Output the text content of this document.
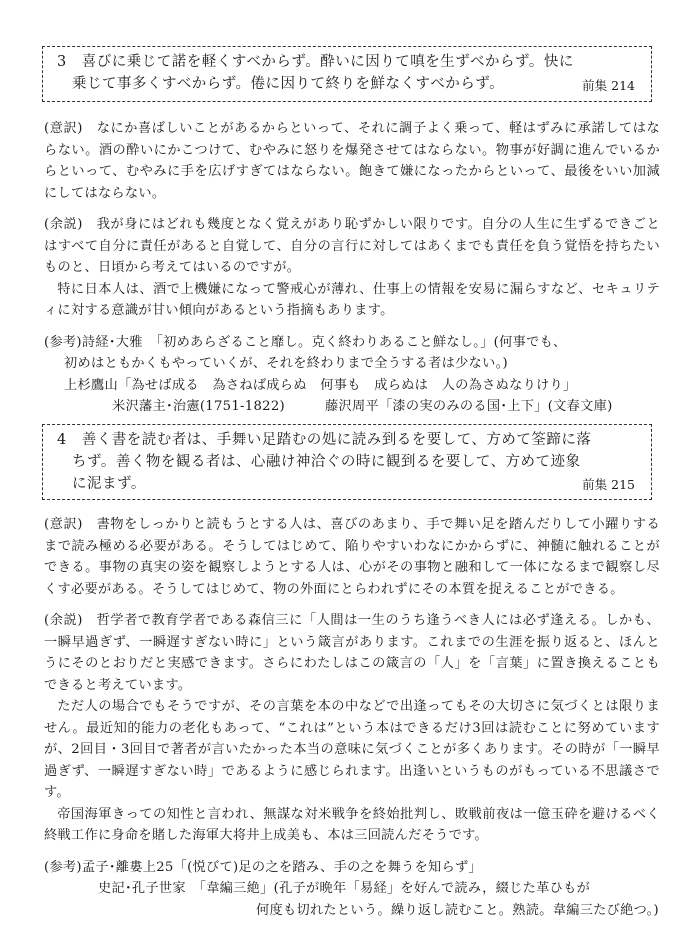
3　喜びに乗じて諾を軽くすべからず。酔いに因りて嗔を生ずべからず。快に
　乗じて事多くすべからず。倦に因りて終りを鮮なくすべからず。	前集 214

(意訳)　なにか喜ばしいことがあるからといって、それに調子よく乗って、軽はずみに承諾してはならない。酒の酔いにかこつけて、むやみに怒りを爆発させてはならない。物事が好調に進んでいるからといって、むやみに手を広げすぎてはならない。飽きて嫌になったからといって、最後をいい加減にしてはならない。

(余説)　我が身にはどれも幾度となく覚えがあり恥ずかしい限りです。自分の人生に生ずるできごとはすべて自分に責任があると自覚して、自分の言行に対してはあくまでも責任を負う覚悟を持ちたいものと、日頃から考えてはいるのですが。

特に日本人は、酒で上機嫌になって警戒心が薄れ、仕事上の情報を安易に漏らすなど、セキュリティに対する意識が甘い傾向があるという指摘もあります。

(参考)詩経･大雅　「初めあらざること靡し。克く終わりあること鮮なし。」(何事でも、
初めはともかくもやっていくが、それを終わりまで全うする者は少ない。)
上杉鷹山「為せば成る　為さねば成らぬ　何事も　成らぬは　人の為さぬなりけり」
米沢藩主･治憲(1751-1822)	藤沢周平「漆の実のみのる国･上下」(文春文庫)
4　善く書を読む者は、手舞い足踏むの処に読み到るを要して、方めて筌蹄に落
　ちず。善く物を観る者は、心融け神洽ぐの時に観到るを要して、方めて迹象
　に泥まず。	前集 215

(意訳)　書物をしっかりと読もうとする人は、喜びのあまり、手で舞い足を踏んだりして小躍りするまで読み極める必要がある。そうしてはじめて、陥りやすいわなにかからずに、神髄に触れることができる。事物の真実の姿を観察しようとする人は、心がその事物と融和して一体になるまで観察し尽くす必要がある。そうしてはじめて、物の外面にとらわれずにその本質を捉えることができる。

(余説)　哲学者で教育学者である森信三に「人間は一生のうち逢うべき人には必ず逢える。しかも、一瞬早過ぎず、一瞬遅すぎない時に」という箴言があります。これまでの生涯を振り返ると、ほんとうにそのとおりだと実感できます。さらにわたしはこの箴言の「人」を「言葉」に置き換えることもできると考えています。

ただ人の場合でもそうですが、その言葉を本の中などで出逢ってもその大切さに気づくとは限りません。最近知的能力の老化もあって、“これは”という本はできるだけ3回は読むことに努めていますが、2回目・3回目で著者が言いたかった本当の意味に気づくことが多くあります。その時が「一瞬早過ぎず、一瞬遅すぎない時」であるように感じられます。出逢いというものがもっている不思議さです。

帝国海軍きっての知性と言われ、無謀な対米戦争を終始批判し、敗戦前夜は一億玉砕を避けるべく終戦工作に身命を賭した海軍大将井上成美も、本は三回読んだそうです。

(参考)孟子･離婁上25「(悦びて)足の之を踏み、手の之を舞うを知らず」
史記･孔子世家　「韋編三絶」(孔子が晩年「易経」を好んで読み，綴じた革ひもが
何度も切れたという。繰り返し読むこと。熟読。韋編三たび絶つ。)
